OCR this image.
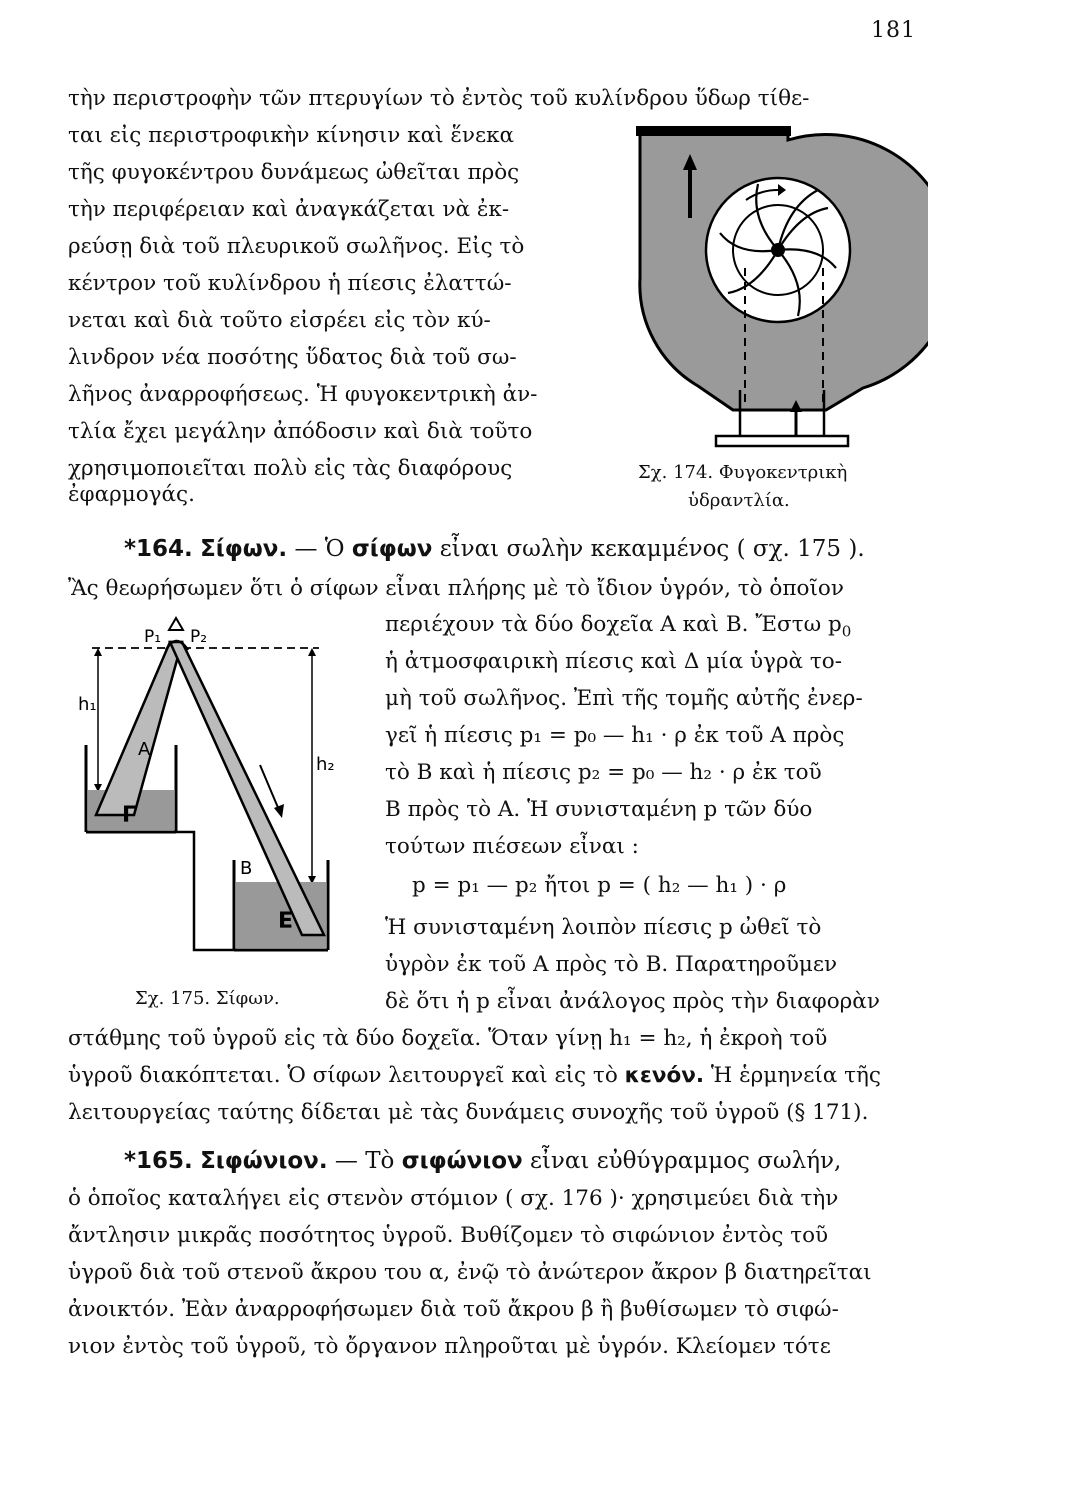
181
τὴν περιστροφὴν τῶν πτερυγίων τὸ ἐντὸς τοῦ κυλίνδρου ὕδωρ τίθε-
ται εἰς περιστροφικὴν κίνησιν καὶ ἕνεκα
τῆς φυγοκέντρου δυνάμεως ὠθεῖται πρὸς
τὴν περιφέρειαν καὶ ἀναγκάζεται νὰ ἐκ-
ρεύσῃ διὰ τοῦ πλευρικοῦ σωλῆνος. Εἰς τὸ
κέντρον τοῦ κυλίνδρου ἡ πίεσις ἐλαττώ-
νεται καὶ διὰ τοῦτο εἰσρέει εἰς τὸν κύ-
λινδρον νέα ποσότης ὕδατος διὰ τοῦ σω-
λῆνος ἀναρροφήσεως. Ἡ φυγοκεντρικὴ ἀν-
τλία ἔχει μεγάλην ἀπόδοσιν καὶ διὰ τοῦτο
χρησιμοποιεῖται πολὺ εἰς τὰς διαφόρους
ἐφαρμογάς.
Σχ. 174. Φυγοκεντρικὴ
ὑδραντλία.
*164. Σίφων. — Ὁ σίφων εἶναι σωλὴν κεκαμμένος ( σχ. 175 ).
Ἂς θεωρήσωμεν ὅτι ὁ σίφων εἶναι πλήρης μὲ τὸ ἴδιον ὑγρόν, τὸ ὁποῖον
περιέχουν τὰ δύο δοχεῖα Α καὶ Β. Ἔστω $p_0$
ἡ ἀτμοσφαιρικὴ πίεσις καὶ Δ μία ὑγρὰ το-
μὴ τοῦ σωλῆνος. Ἐπὶ τῆς τομῆς αὐτῆς ἐνερ-
γεῖ ἡ πίεσις p₁ = p₀ — h₁ · ρ ἐκ τοῦ Α πρὸς
τὸ Β καὶ ἡ πίεσις p₂ = p₀ — h₂ · ρ ἐκ τοῦ
Β πρὸς τὸ Α. Ἡ συνισταμένη p τῶν δύο
τούτων πιέσεων εἶναι :
p = p₁ — p₂ ἤτοι p = ( h₂ — h₁ ) · ρ
Ἡ συνισταμένη λοιπὸν πίεσις p ὠθεῖ τὸ
ὑγρὸν ἐκ τοῦ Α πρὸς τὸ Β. Παρατηροῦμεν
δὲ ὅτι ἡ p εἶναι ἀνάλογος πρὸς τὴν διαφορὰν
στάθμης τοῦ ὑγροῦ εἰς τὰ δύο δοχεῖα. Ὅταν γίνῃ h₁ = h₂, ἡ ἐκροὴ τοῦ
ὑγροῦ διακόπτεται. Ὁ σίφων λειτουργεῖ καὶ εἰς τὸ κενόν. Ἡ ἑρμηνεία τῆς
λειτουργείας ταύτης δίδεται μὲ τὰς δυνάμεις συνοχῆς τοῦ ὑγροῦ (§ 171).
h₁
h₂
P₁ P₂
Α
Γ
Β
Ε
Σχ. 175. Σίφων.
*165. Σιφώνιον. — Τὸ σιφώνιον εἶναι εὐθύγραμμος σωλήν,
ὁ ὁποῖος καταλήγει εἰς στενὸν στόμιον ( σχ. 176 )· χρησιμεύει διὰ τὴν
ἄντλησιν μικρᾶς ποσότητος ὑγροῦ. Βυθίζομεν τὸ σιφώνιον ἐντὸς τοῦ
ὑγροῦ διὰ τοῦ στενοῦ ἄκρου του α, ἐνῷ τὸ ἀνώτερον ἄκρον β διατηρεῖται
ἀνοικτόν. Ἐὰν ἀναρροφήσωμεν διὰ τοῦ ἄκρου β ἢ βυθίσωμεν τὸ σιφώ-
νιον ἐντὸς τοῦ ὑγροῦ, τὸ ὄργανον πληροῦται μὲ ὑγρόν. Κλείομεν τότε
